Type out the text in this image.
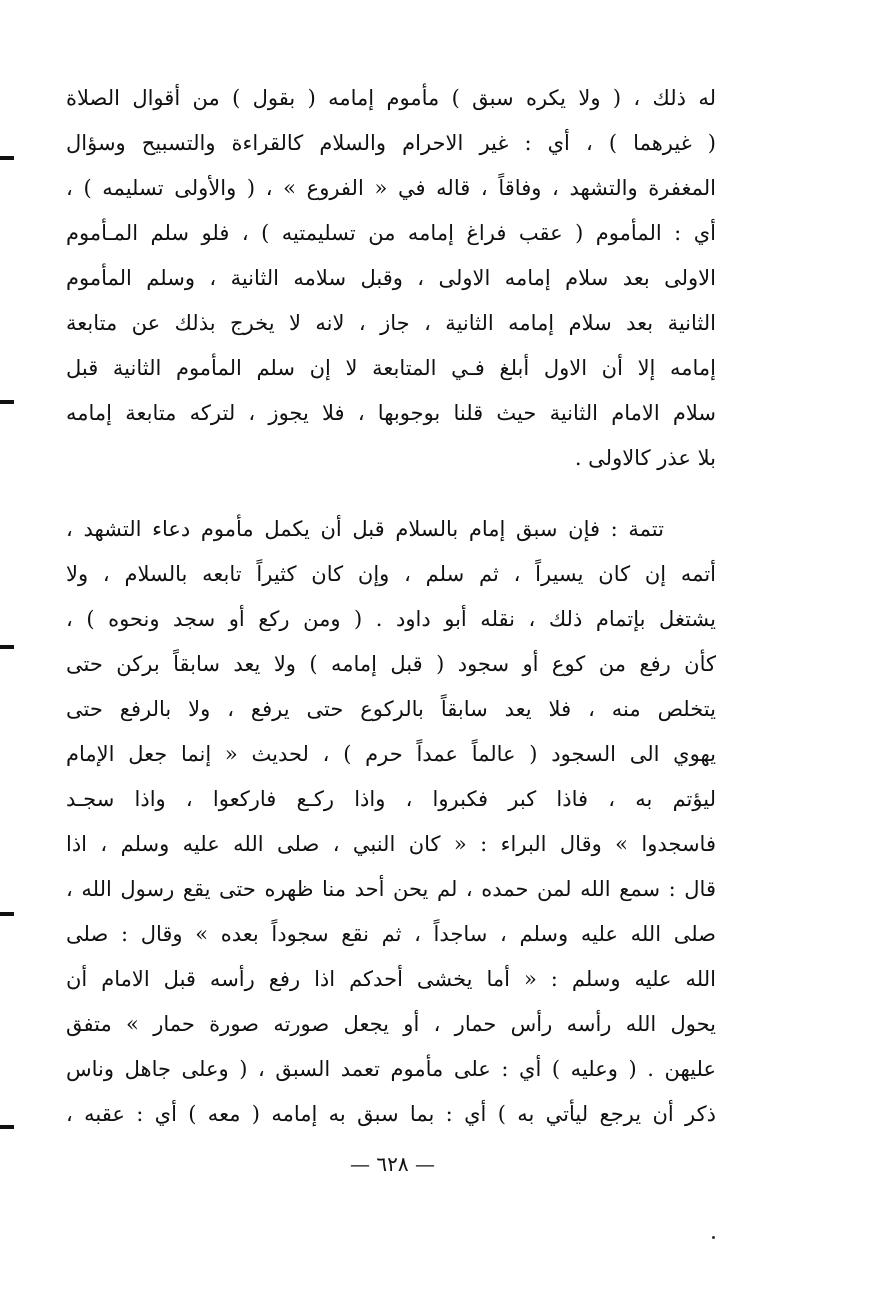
له ذلك ، ( ولا يكره سبق ) مأموم إمامه ( بقول ) من أقوال الصلاة
( غيرهما ) ، أي : غير الاحرام والسلام كالقراءة والتسبيح وسؤال
المغفرة والتشهد ، وفاقاً ، قاله في « الفروع » ، ( والأولى تسليمه ) ،
أي : المأموم ( عقب فراغ إمامه من تسليمتيه ) ، فلو سلم المـأموم
الاولى بعد سلام إمامه الاولى ، وقبل سلامه الثانية ، وسلم المأموم
الثانية بعد سلام إمامه الثانية ، جاز ، لانه لا يخرج بذلك عن متابعة
إمامه إلا أن الاول أبلغ فـي المتابعة لا إن سلم المأموم الثانية قبل
سلام الامام الثانية حيث قلنا بوجوبها ، فلا يجوز ، لتركه متابعة إمامه
بلا عذر كالاولى .
تتمة : فإن سبق إمام بالسلام قبل أن يكمل مأموم دعاء التشهد ،
أتمه إن كان يسيراً ، ثم سلم ، وإن كان كثيراً تابعه بالسلام ، ولا
يشتغل بإتمام ذلك ، نقله أبو داود . ( ومن ركع أو سجد ونحوه ) ،
كأن رفع من كوع أو سجود ( قبل إمامه ) ولا يعد سابقاً بركن حتى
يتخلص منه ، فلا يعد سابقاً بالركوع حتى يرفع ، ولا بالرفع حتى
يهوي الى السجود ( عالماً عمداً حرم ) ، لحديث « إنما جعل الإمام
ليؤتم به ، فاذا كبر فكبروا ، واذا ركـع فاركعوا ، واذا سجـد
فاسجدوا » وقال البراء : « كان النبي ، صلى الله عليه وسلم ، اذا
قال : سمع الله لمن حمده ، لم يحن أحد منا ظهره حتى يقع رسول الله ،
صلى الله عليه وسلم ، ساجداً ، ثم نقع سجوداً بعده » وقال : صلى
الله عليه وسلم : « أما يخشى أحدكم اذا رفع رأسه قبل الامام أن
يحول الله رأسه رأس حمار ، أو يجعل صورته صورة حمار » متفق
عليهن . ( وعليه ) أي : على مأموم تعمد السبق ، ( وعلى جاهل وناس
ذكر أن يرجع ليأتي به ) أي : بما سبق به إمامه ( معه ) أي : عقبه ،
— ٦٢٨ —
